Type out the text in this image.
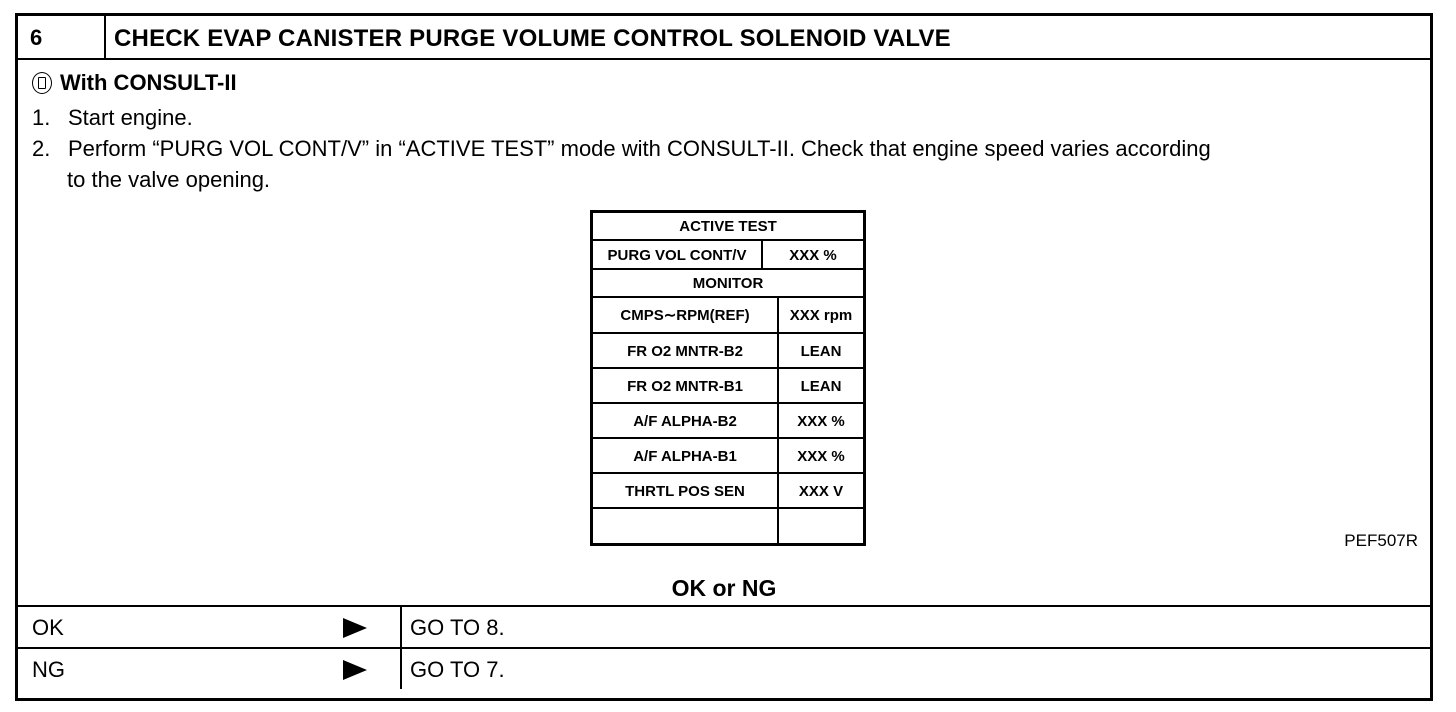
6	CHECK EVAP CANISTER PURGE VOLUME CONTROL SOLENOID VALVE
With CONSULT-II
1. Start engine.
2. Perform “PURG VOL CONT/V” in “ACTIVE TEST” mode with CONSULT-II. Check that engine speed varies according
to the valve opening.
ACTIVE TEST
PURG VOL CONT/V	XXX %
MONITOR
CMPS∼RPM(REF)	XXX rpm
FR O2 MNTR-B2	LEAN
FR O2 MNTR-B1	LEAN
A/F ALPHA-B2	XXX %
A/F ALPHA-B1	XXX %
THRTL POS SEN	XXX V
PEF507R
OK or NG
OK	GO TO 8.
NG	GO TO 7.
